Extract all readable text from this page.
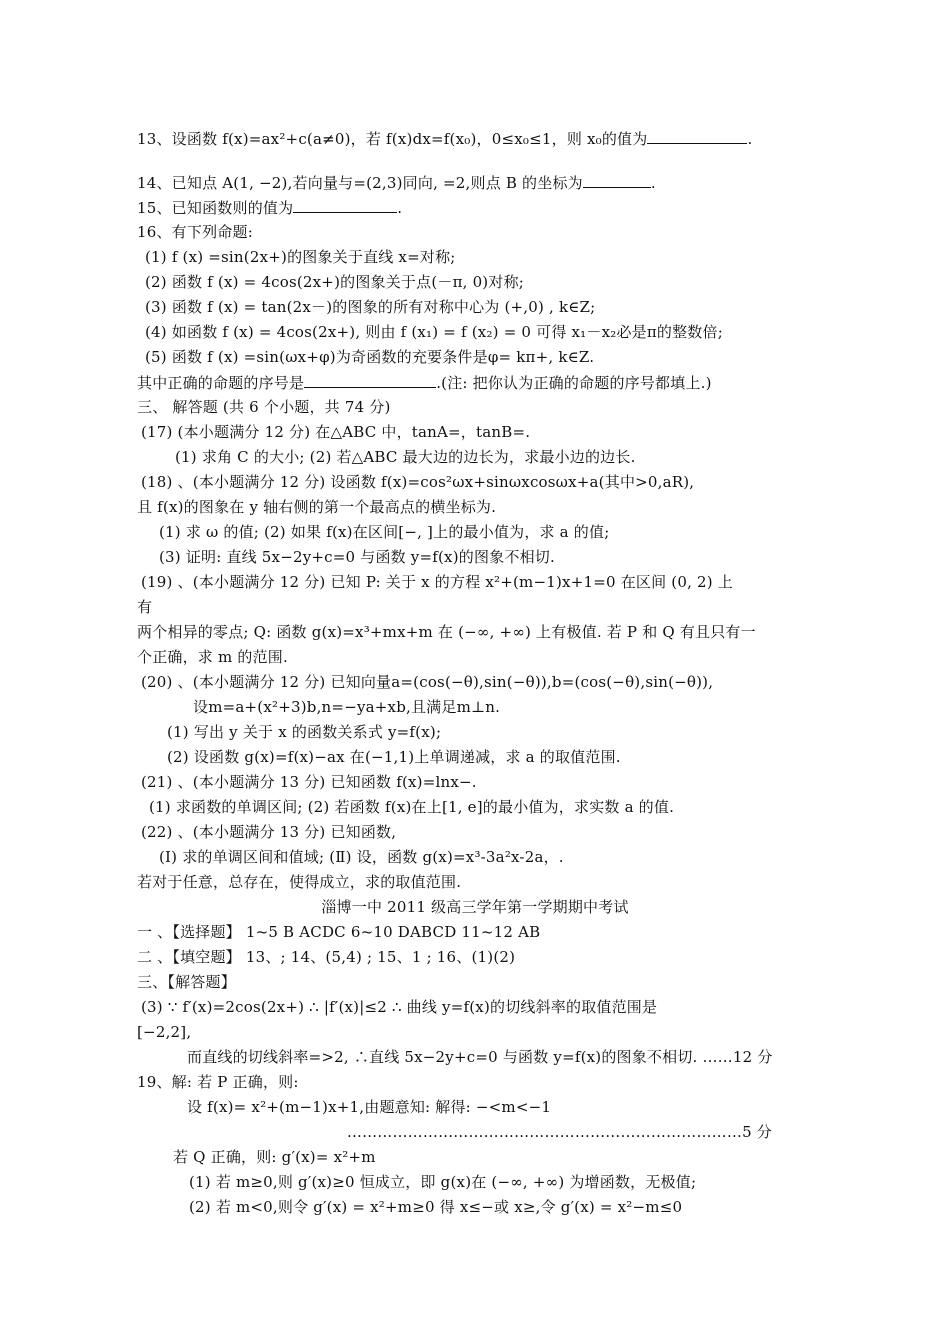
13、设函数 f(x)=ax²+c(a≠0)，若 f(x)dx=f(x₀)，0≤x₀≤1，则 x₀的值为	.
14、已知点 A(1, −2),若向量与=(2,3)同向, =2,则点 B 的坐标为	.
15、已知函数则的值为	.
16、有下列命题:
(1) f (x) =sin(2x+)的图象关于直线 x=对称;
(2) 函数 f (x) = 4cos(2x+)的图象关于点(－π, 0)对称;
(3) 函数 f (x) = tan(2x－)的图象的所有对称中心为 (+,0) , k∈Z;
(4) 如函数 f (x) = 4cos(2x+), 则由 f (x₁) = f (x₂) = 0 可得 x₁－x₂必是π的整数倍;
(5) 函数 f (x) =sin(ωx+φ)为奇函数的充要条件是φ= kπ+, k∈Z.
其中正确的命题的序号是	.(注: 把你认为正确的命题的序号都填上.)
三、 解答题 (共 6 个小题，共 74 分)
(17) (本小题满分 12 分) 在△ABC 中，tanA=，tanB=.
(1) 求角 C 的大小; (2) 若△ABC 最大边的边长为，求最小边的边长.
(18) 、(本小题满分 12 分) 设函数 f(x)=cos²ωx+sinωxcosωx+a(其中>0,aR),
且 f(x)的图象在 y 轴右侧的第一个最高点的横坐标为.
(1) 求 ω 的值; (2) 如果 f(x)在区间[−, ]上的最小值为，求 a 的值;
(3) 证明: 直线 5x−2y+c=0 与函数 y=f(x)的图象不相切.
(19) 、(本小题满分 12 分) 已知 P: 关于 x 的方程 x²+(m−1)x+1=0 在区间 (0, 2) 上
有
两个相异的零点; Q: 函数 g(x)=x³+mx+m 在 (−∞, +∞) 上有极值. 若 P 和 Q 有且只有一
个正确，求 m 的范围.
(20) 、(本小题满分 12 分) 已知向量a=(cos(−θ),sin(−θ)),b=(cos(−θ),sin(−θ)),
设m=a+(x²+3)b,n=−ya+xb,且满足m⊥n.
(1) 写出 y 关于 x 的函数关系式 y=f(x);
(2) 设函数 g(x)=f(x)−ax 在(−1,1)上单调递减，求 a 的取值范围.
(21) 、(本小题满分 13 分) 已知函数 f(x)=lnx−.
(1) 求函数的单调区间; (2) 若函数 f(x)在上[1, e]的最小值为，求实数 a 的值.
(22) 、(本小题满分 13 分) 已知函数,
(Ⅰ) 求的单调区间和值域; (Ⅱ) 设，函数 g(x)=x³-3a²x-2a，.
若对于任意，总存在，使得成立，求的取值范围.
淄博一中 2011 级高三学年第一学期期中考试
一 、【选择题】 1~5 B ACDC 6~10 DABCD 11~12 AB
二 、【填空题】 13、; 14、(5,4) ; 15、1 ; 16、(1)(2)
三、【解答题】
(3) ∵ f′(x)=2cos(2x+) ∴ |f′(x)|≤2 ∴ 曲线 y=f(x)的切线斜率的取值范围是
[−2,2],
而直线的切线斜率=>2, ∴直线 5x−2y+c=0 与函数 y=f(x)的图象不相切. ……12 分
19、解: 若 P 正确，则:
设 f(x)= x²+(m−1)x+1,由题意知: 解得: −<m<−1
……………………………………………………………………5 分
若 Q 正确，则: g′(x)= x²+m
(1) 若 m≥0,则 g′(x)≥0 恒成立，即 g(x)在 (−∞, +∞) 为增函数，无极值;
(2) 若 m<0,则令 g′(x) = x²+m≥0 得 x≤−或 x≥,令 g′(x) = x²−m≤0
